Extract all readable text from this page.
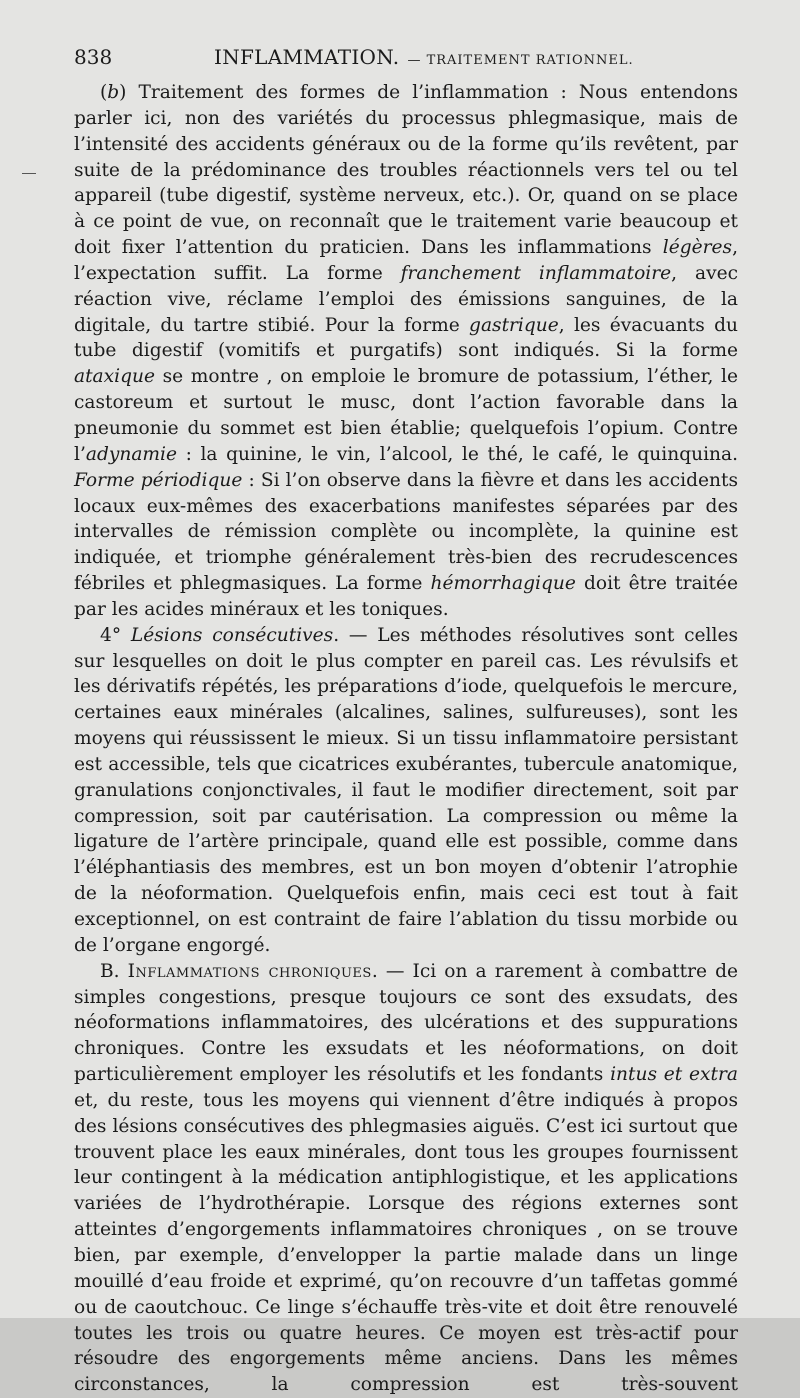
838	INFLAMMATION. — TRAITEMENT RATIONNEL.

(b) Traitement des formes de l’inflammation : Nous entendons parler ici, non des variétés du processus phlegmasique, mais de l’intensité des accidents généraux ou de la forme qu’ils revêtent, par suite de la prédominance des troubles réactionnels vers tel ou tel appareil (tube digestif, système nerveux, etc.). Or, quand on se place à ce point de vue, on reconnaît que le traitement varie beaucoup et doit fixer l’attention du praticien. Dans les inflammations légères, l’expectation suffit. La forme franchement inflammatoire, avec réaction vive, réclame l’emploi des émissions sanguines, de la digitale, du tartre stibié. Pour la forme gastrique, les évacuants du tube digestif (vomitifs et purgatifs) sont indiqués. Si la forme ataxique se montre , on emploie le bromure de potassium, l’éther, le castoreum et surtout le musc, dont l’action favorable dans la pneumonie du sommet est bien établie; quelquefois l’opium. Contre l’adynamie : la quinine, le vin, l’alcool, le thé, le café, le quinquina. Forme périodique : Si l’on observe dans la fièvre et dans les accidents locaux eux-mêmes des exacerbations manifestes séparées par des intervalles de rémission complète ou incomplète, la quinine est indiquée, et triomphe généralement très-bien des recrudescences fébriles et phlegmasiques. La forme hémorrhagique doit être traitée par les acides minéraux et les toniques.

4° Lésions consécutives. — Les méthodes résolutives sont celles sur lesquelles on doit le plus compter en pareil cas. Les révulsifs et les dérivatifs répétés, les préparations d’iode, quelquefois le mercure, certaines eaux minérales (alcalines, salines, sulfureuses), sont les moyens qui réussissent le mieux. Si un tissu inflammatoire persistant est accessible, tels que cicatrices exubérantes, tubercule anatomique, granulations conjonctivales, il faut le modifier directement, soit par compression, soit par cautérisation. La compression ou même la ligature de l’artère principale, quand elle est possible, comme dans l’éléphantiasis des membres, est un bon moyen d’obtenir l’atrophie de la néoformation. Quelquefois enfin, mais ceci est tout à fait exceptionnel, on est contraint de faire l’ablation du tissu morbide ou de l’organe engorgé.

B. Inflammations chroniques. — Ici on a rarement à combattre de simples congestions, presque toujours ce sont des exsudats, des néoformations inflammatoires, des ulcérations et des suppurations chroniques. Contre les exsudats et les néoformations, on doit particulièrement employer les résolutifs et les fondants intus et extra et, du reste, tous les moyens qui viennent d’être indiqués à propos des lésions consécutives des phlegmasies aiguës. C’est ici surtout que trouvent place les eaux minérales, dont tous les groupes fournissent leur contingent à la médication antiphlogistique, et les applications variées de l’hydrothérapie. Lorsque des régions externes sont atteintes d’engorgements inflammatoires chroniques , on se trouve bien, par exemple, d’envelopper la partie malade dans un linge mouillé d’eau froide et exprimé, qu’on recouvre d’un taffetas gommé ou de caoutchouc. Ce linge s’échauffe très-vite et doit être renouvelé toutes les trois ou quatre heures. Ce moyen est très-actif pour résoudre des engorgements même anciens. Dans les mêmes circonstances, la compression est très-souvent
